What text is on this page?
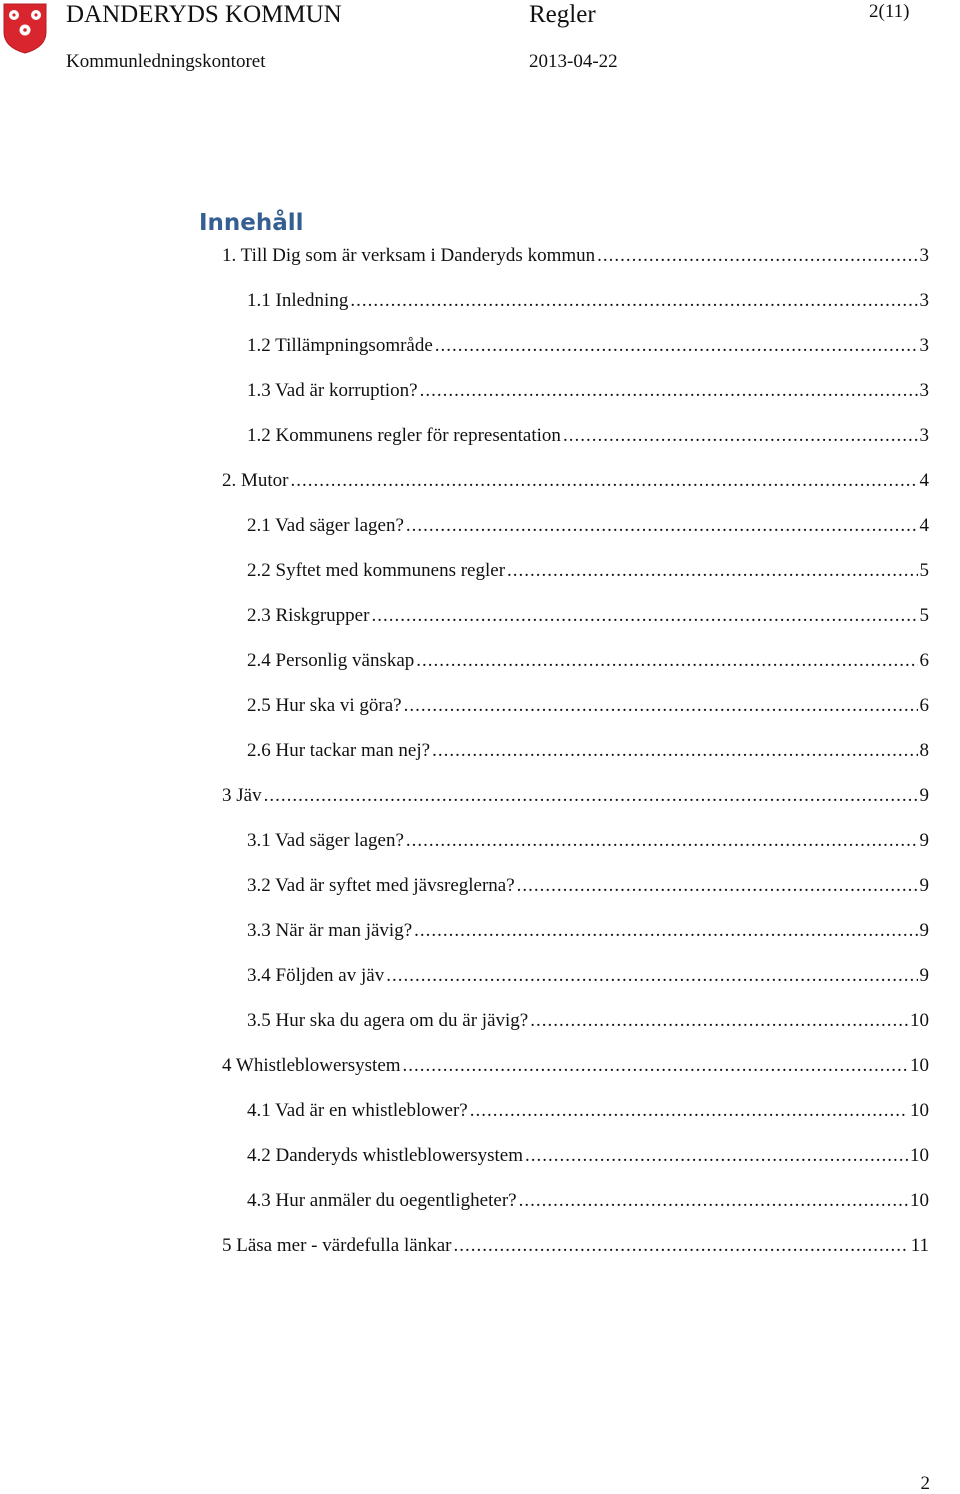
DANDERYDS KOMMUN	Regler	2(11)
Kommunledningskontoret	2013-04-22
Innehåll
1. Till Dig som är verksam i Danderyds kommun .....	3
1.1 Inledning .....	3
1.2 Tillämpningsområde .....	3
1.3 Vad är korruption? .....	3
1.2 Kommunens regler för representation .....	3
2. Mutor .....	4
2.1 Vad säger lagen? .....	4
2.2 Syftet med kommunens regler .....	5
2.3 Riskgrupper .....	5
2.4 Personlig vänskap .....	6
2.5 Hur ska vi göra? .....	6
2.6 Hur tackar man nej? .....	8
3 Jäv .....	9
3.1 Vad säger lagen? .....	9
3.2 Vad är syftet med jävsreglerna? .....	9
3.3 När är man jävig? .....	9
3.4 Följden av jäv .....	9
3.5 Hur ska du agera om du är jävig? .....	10
4 Whistleblowersystem .....	10
4.1 Vad är en whistleblower? .....	10
4.2 Danderyds whistleblowersystem .....	10
4.3 Hur anmäler du oegentligheter? .....	10
5 Läsa mer - värdefulla länkar .....	11
2
